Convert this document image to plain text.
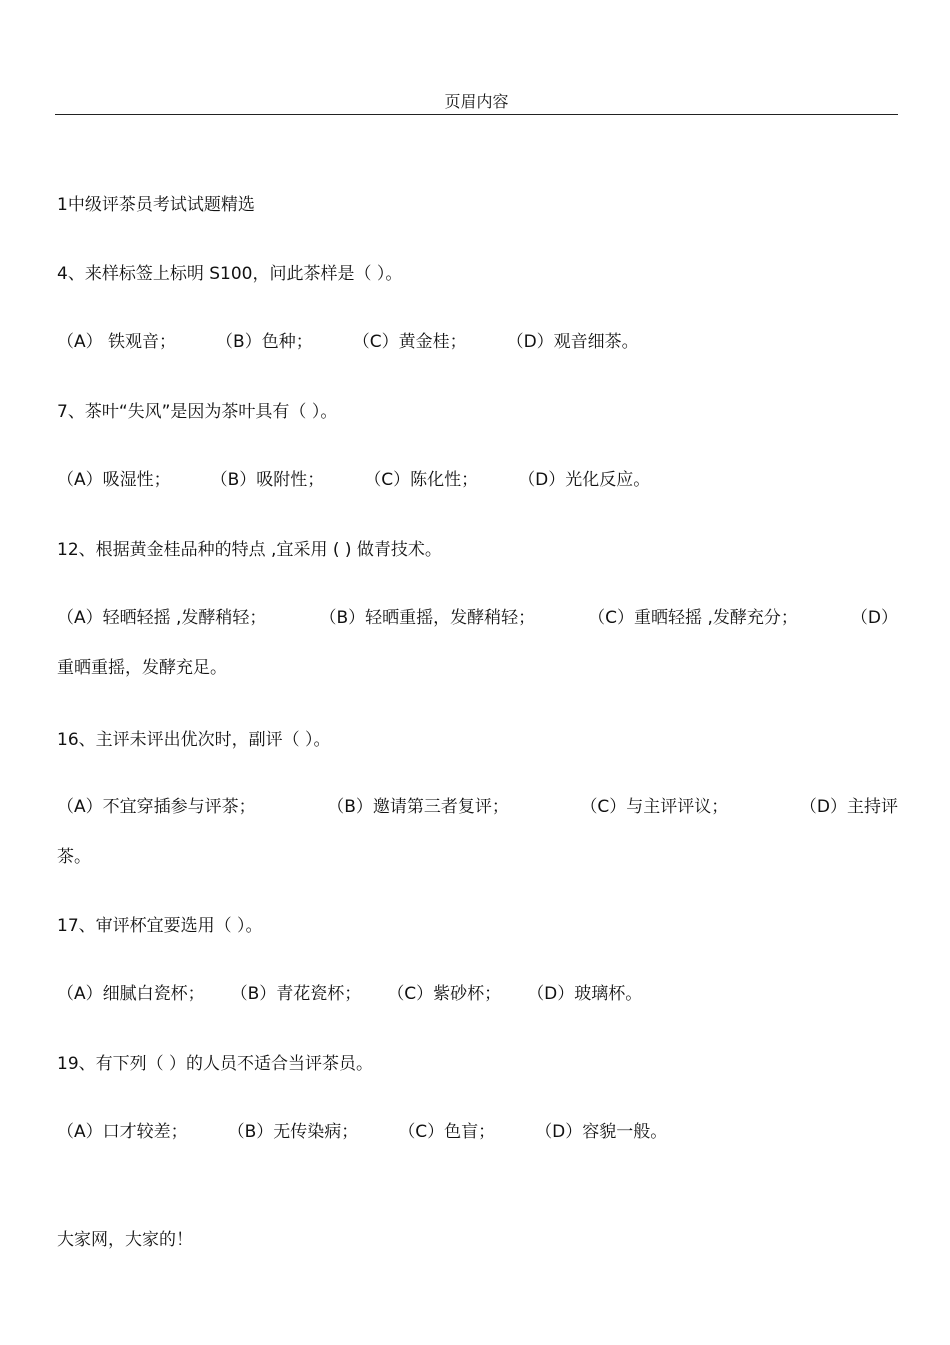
页眉内容
1中级评茶员考试试题精选
4、来样标签上标明 S100，问此茶样是（ ）。
（A） 铁观音； （B）色种； （C）黄金桂； （D）观音细茶。
7、茶叶“失风”是因为茶叶具有（ ）。
（A）吸湿性； （B）吸附性； （C）陈化性； （D）光化反应。
12、根据黄金桂品种的特点 ,宜采用 ( ) 做青技术。
（A）轻晒轻摇 ,发酵稍轻；	（B）轻晒重摇，发酵稍轻；	（C）重晒轻摇 ,发酵充分；	（D）
重晒重摇，发酵充足。
16、主评未评出优次时，副评（ ）。
（A）不宜穿插参与评茶；	（B）邀请第三者复评；	（C）与主评评议；	（D）主持评
茶。
17、审评杯宜要选用（ ）。
（A）细腻白瓷杯； （B）青花瓷杯； （C）紫砂杯； （D）玻璃杯。
19、有下列（ ）的人员不适合当评茶员。
（A）口才较差； （B）无传染病； （C）色盲； （D）容貌一般。
大家网，大家的！
